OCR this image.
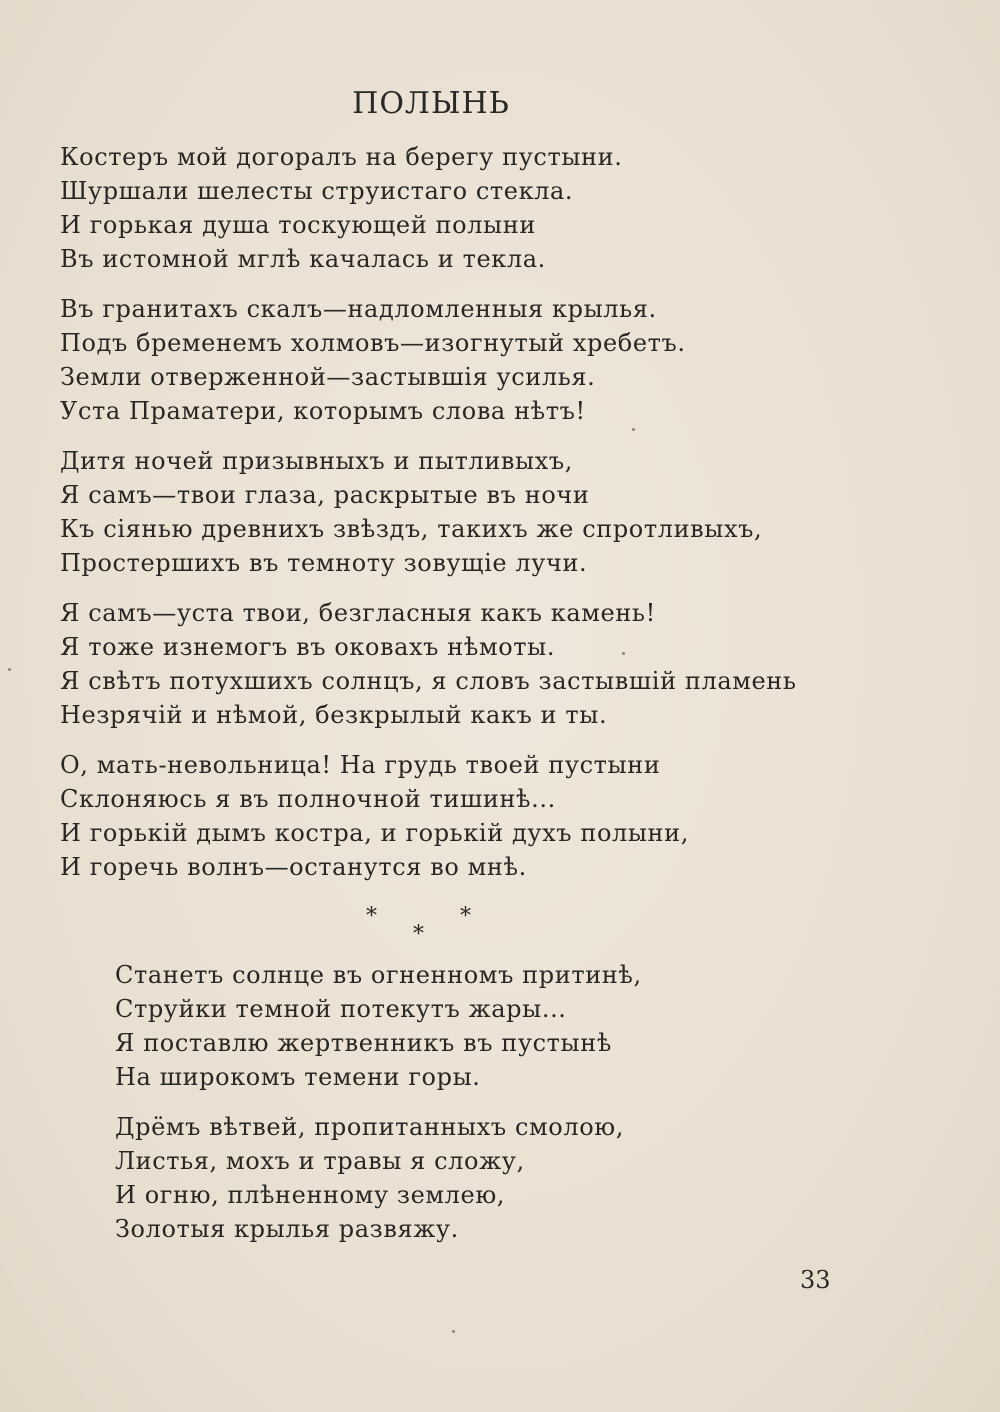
ПОЛЫНЬ
Костеръ мой догоралъ на берегу пустыни.
Шуршали шелесты струистаго стекла.
И горькая душа тоскующей полыни
Въ истомной мглѣ качалась и текла.
Въ гранитахъ скалъ—надломленныя крылья.
Подъ бременемъ холмовъ—изогнутый хребетъ.
Земли отверженной—застывшія усилья.
Уста Праматери, которымъ слова нѣтъ!
Дитя ночей призывныхъ и пытливыхъ,
Я самъ—твои глаза, раскрытые въ ночи
Къ сіянью древнихъ звѣздъ, такихъ же спротливыхъ,
Простершихъ въ темноту зовущіе лучи.
Я самъ—уста твои, безгласныя какъ камень!
Я тоже изнемогъ въ оковахъ нѣмоты.
Я свѣтъ потухшихъ солнцъ, я словъ застывшій пламень
Незрячій и нѣмой, безкрылый какъ и ты.
О, мать-невольница! На грудь твоей пустыни
Склоняюсь я въ полночной тишинѣ...
И горькій дымъ костра, и горькій духъ полыни,
И горечь волнъ—останутся во мнѣ.
*	*
*
Станетъ солнце въ огненномъ притинѣ,
Струйки темной потекутъ жары...
Я поставлю жертвенникъ въ пустынѣ
На широкомъ темени горы.
Дрёмъ вѣтвей, пропитанныхъ смолою,
Листья, мохъ и травы я сложу,
И огню, плѣненному землею,
Золотыя крылья развяжу.
33
